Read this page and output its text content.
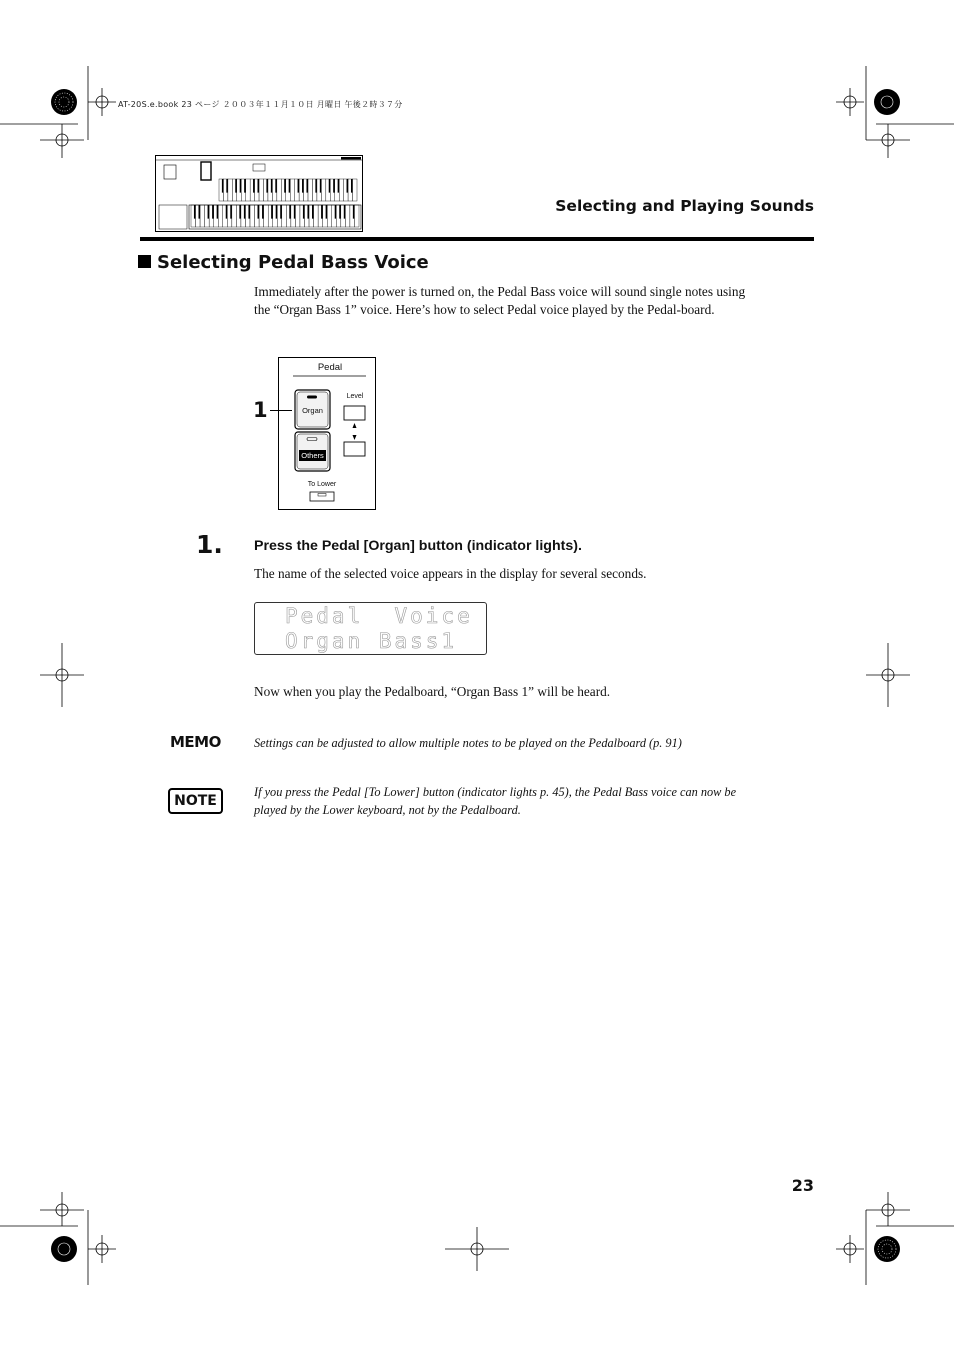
AT-20S.e.book 23 ページ ２００３年１１月１０日 月曜日 午後２時３７分
Selecting and Playing Sounds
Selecting Pedal Bass Voice
Immediately after the power is turned on, the Pedal Bass voice will sound single notes using the “Organ Bass 1” voice. Here’s how to select Pedal voice played by the Pedal-board.
Pedal
Level
Organ
Others
To Lower
1
1. Press the Pedal [Organ] button (indicator lights).
The name of the selected voice appears in the display for several seconds.
Pedal  Voice
Organ Bass1
Now when you play the Pedalboard, “Organ Bass 1” will be heard.
MEMO	Settings can be adjusted to allow multiple notes to be played on the Pedalboard (p. 91)
NOTE
If you press the Pedal [To Lower] button (indicator lights p. 45), the Pedal Bass voice can now be played by the Lower keyboard, not by the Pedalboard.
23
